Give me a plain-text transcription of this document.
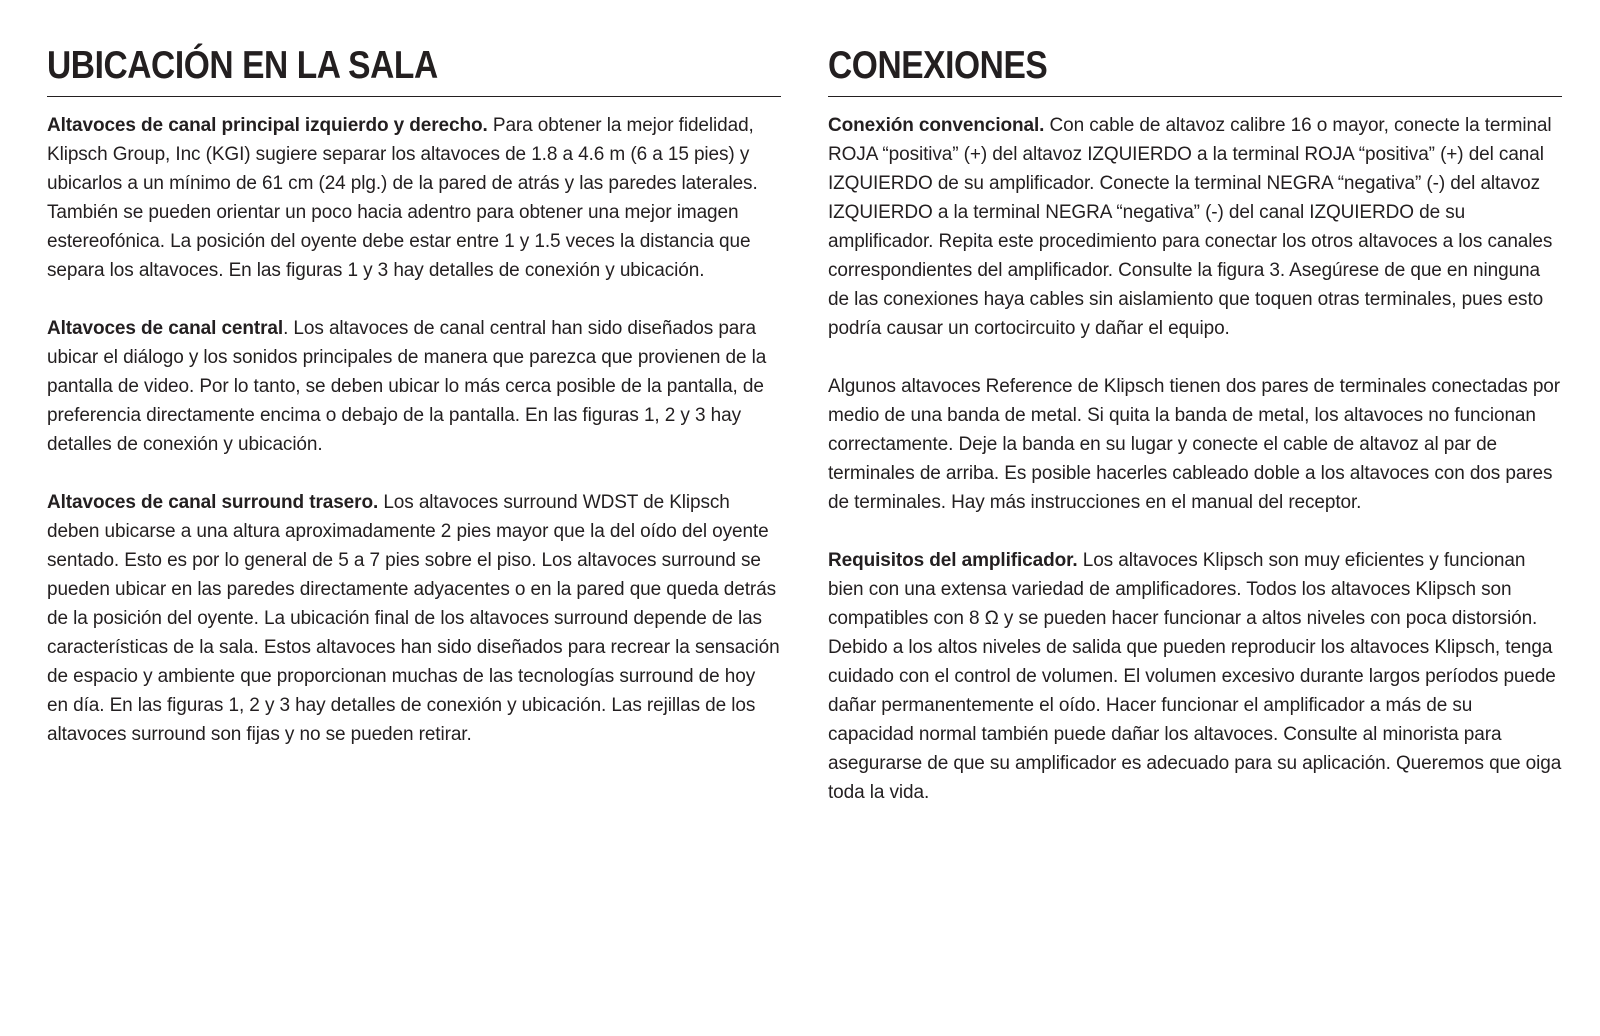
UBICACIÓN EN LA SALA

Altavoces de canal principal izquierdo y derecho. Para obtener la mejor fidelidad, Klipsch Group, Inc (KGI) sugiere separar los altavoces de 1.8 a 4.6 m (6 a 15 pies) y ubicarlos a un mínimo de 61 cm (24 plg.) de la pared de atrás y las paredes laterales. También se pueden orientar un poco hacia adentro para obtener una mejor imagen estereofónica. La posición del oyente debe estar entre 1 y 1.5 veces la distancia que separa los altavoces. En las figuras 1 y 3 hay detalles de conexión y ubicación.

Altavoces de canal central. Los altavoces de canal central han sido diseñados para ubicar el diálogo y los sonidos principales de manera que parezca que provienen de la pantalla de video. Por lo tanto, se deben ubicar lo más cerca posible de la pantalla, de preferencia directamente encima o debajo de la pantalla. En las figuras 1, 2 y 3 hay detalles de conexión y ubicación.

Altavoces de canal surround trasero. Los altavoces surround WDST de Klipsch deben ubicarse a una altura aproximadamente 2 pies mayor que la del oído del oyente sentado. Esto es por lo general de 5 a 7 pies sobre el piso. Los altavoces surround se pueden ubicar en las paredes directamente adyacentes o en la pared que queda detrás de la posición del oyente. La ubicación final de los altavoces surround depende de las características de la sala. Estos altavoces han sido diseñados para recrear la sensación de espacio y ambiente que proporcionan muchas de las tecnologías surround de hoy en día. En las figuras 1, 2 y 3 hay detalles de conexión y ubicación. Las rejillas de los altavoces surround son fijas y no se pueden retirar.

CONEXIONES

Conexión convencional. Con cable de altavoz calibre 16 o mayor, conecte la terminal ROJA “positiva” (+) del altavoz IZQUIERDO a la terminal ROJA “positiva” (+) del canal IZQUIERDO de su amplificador. Conecte la terminal NEGRA “negativa” (-) del altavoz IZQUIERDO a la terminal NEGRA “negativa” (-) del canal IZQUIERDO de su amplificador. Repita este procedimiento para conectar los otros altavoces a los canales correspondientes del amplificador. Consulte la figura 3. Asegúrese de que en ninguna de las conexiones haya cables sin aislamiento que toquen otras terminales, pues esto podría causar un cortocircuito y dañar el equipo.

Algunos altavoces Reference de Klipsch tienen dos pares de terminales conectadas por medio de una banda de metal. Si quita la banda de metal, los altavoces no funcionan correctamente. Deje la banda en su lugar y conecte el cable de altavoz al par de terminales de arriba. Es posible hacerles cableado doble a los altavoces con dos pares de terminales. Hay más instrucciones en el manual del receptor.

Requisitos del amplificador. Los altavoces Klipsch son muy eficientes y funcionan bien con una extensa variedad de amplificadores. Todos los altavoces Klipsch son compatibles con 8 Ω y se pueden hacer funcionar a altos niveles con poca distorsión. Debido a los altos niveles de salida que pueden reproducir los altavoces Klipsch, tenga cuidado con el control de volumen. El volumen excesivo durante largos períodos puede dañar permanentemente el oído. Hacer funcionar el amplificador a más de su capacidad normal también puede dañar los altavoces. Consulte al minorista para asegurarse de que su amplificador es adecuado para su aplicación. Queremos que oiga toda la vida.
